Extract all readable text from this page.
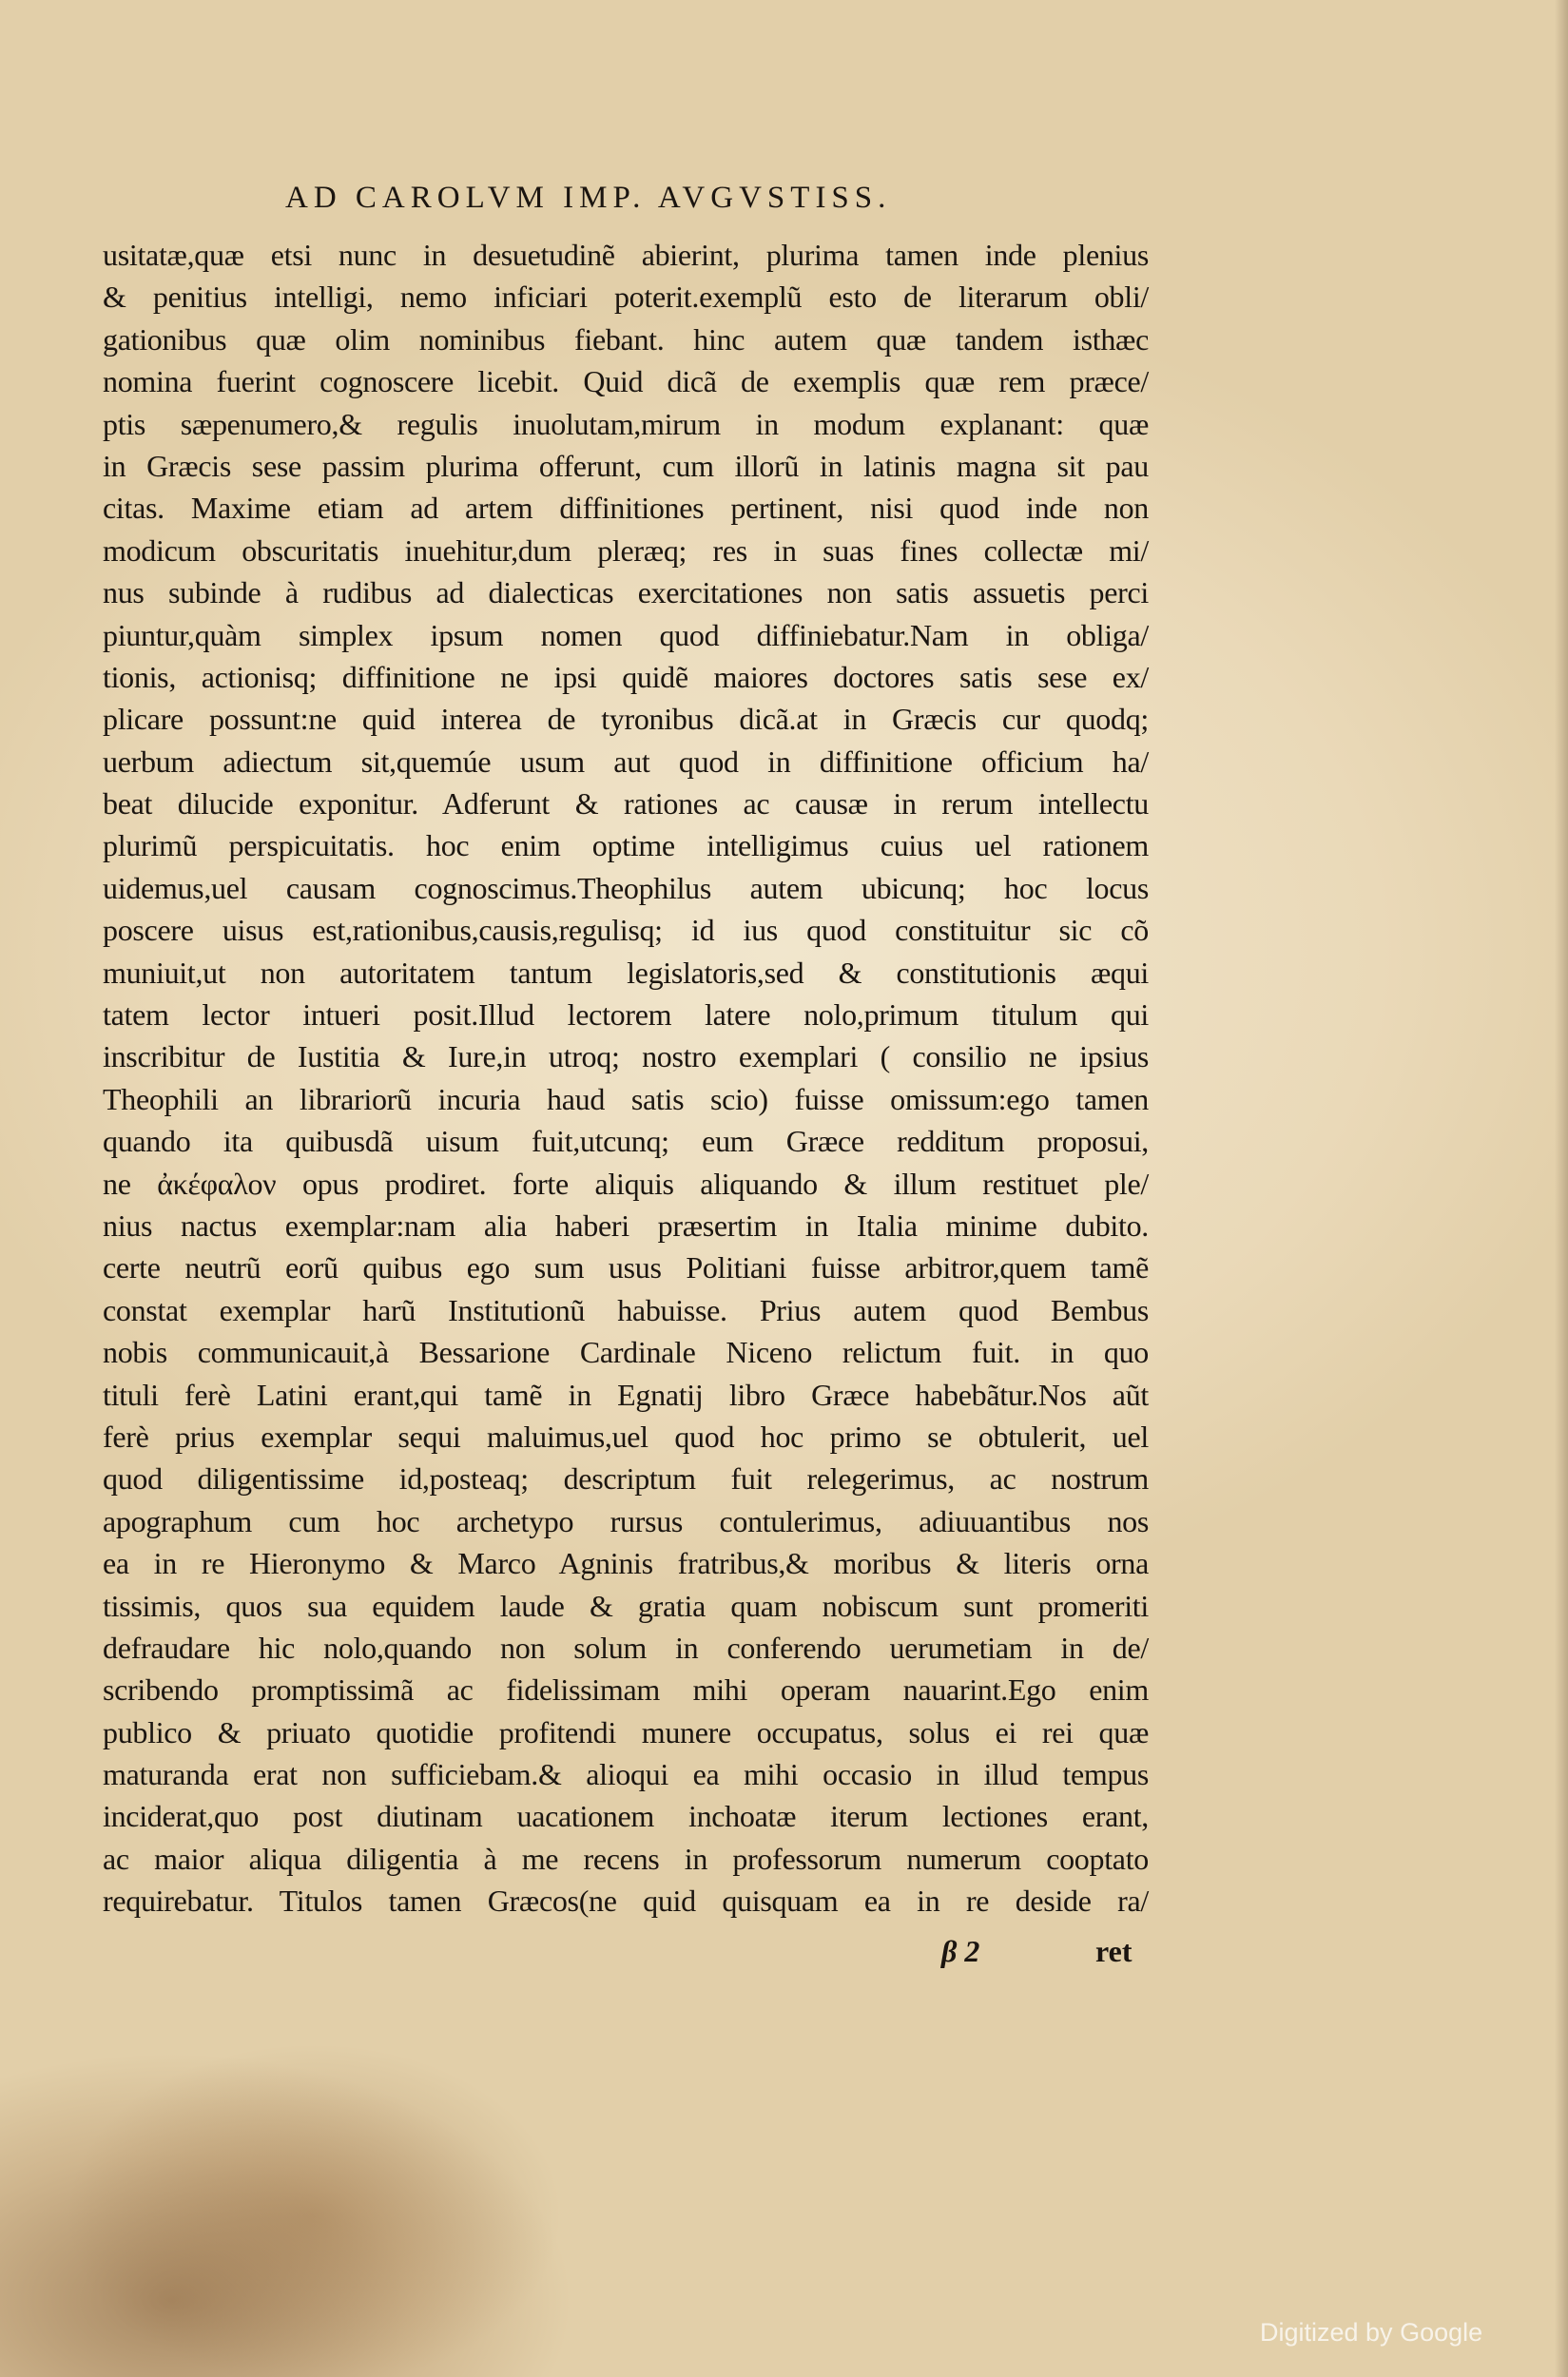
AD CAROLVM IMP. AVGVSTISS.
usitatæ,quæ etsi nunc in desuetudinẽ abierint, plurima tamen inde plenius
& penitius intelligi, nemo inficiari poterit.exemplũ esto de literarum obli/
gationibus quæ olim nominibus fiebant. hinc autem quæ tandem isthæc
nomina fuerint cognoscere licebit. Quid dicã de exemplis quæ rem præce/
ptis sæpenumero,& regulis inuolutam,mirum in modum explanant: quæ
in Græcis sese passim plurima offerunt, cum illorũ in latinis magna sit pau
citas. Maxime etiam ad artem diffinitiones pertinent, nisi quod inde non
modicum obscuritatis inuehitur,dum pleræq; res in suas fines collectæ mi/
nus subinde à rudibus ad dialecticas exercitationes non satis assuetis perci
piuntur,quàm simplex ipsum nomen quod diffiniebatur.Nam in obliga/
tionis, actionisq; diffinitione ne ipsi quidẽ maiores doctores satis sese ex/
plicare possunt:ne quid interea de tyronibus dicã.at in Græcis cur quodq;
uerbum adiectum sit,quemúe usum aut quod in diffinitione officium ha/
beat dilucide exponitur. Adferunt & rationes ac causæ in rerum intellectu
plurimũ perspicuitatis. hoc enim optime intelligimus cuius uel rationem
uidemus,uel causam cognoscimus.Theophilus autem ubicunq; hoc locus
poscere uisus est,rationibus,causis,regulisq; id ius quod constituitur sic cõ
muniuit,ut non autoritatem tantum legislatoris,sed & constitutionis æqui
tatem lector intueri posit.Illud lectorem latere nolo,primum titulum qui
inscribitur de Iustitia & Iure,in utroq; nostro exemplari ( consilio ne ipsius
Theophili an librariorũ incuria haud satis scio) fuisse omissum:ego tamen
quando ita quibusdã uisum fuit,utcunq; eum Græce redditum proposui,
ne ἀκέφαλον opus prodiret. forte aliquis aliquando & illum restituet ple/
nius nactus exemplar:nam alia haberi præsertim in Italia minime dubito.
certe neutrũ eorũ quibus ego sum usus Politiani fuisse arbitror,quem tamẽ
constat exemplar harũ Institutionũ habuisse. Prius autem quod Bembus
nobis communicauit,à Bessarione Cardinale Niceno relictum fuit. in quo
tituli ferè Latini erant,qui tamẽ in Egnatij libro Græce habebãtur.Nos aũt
ferè prius exemplar sequi maluimus,uel quod hoc primo se obtulerit, uel
quod diligentissime id,posteaq; descriptum fuit relegerimus, ac nostrum
apographum cum hoc archetypo rursus contulerimus, adiuuantibus nos
ea in re Hieronymo & Marco Agninis fratribus,& moribus & literis orna
tissimis, quos sua equidem laude & gratia quam nobiscum sunt promeriti
defraudare hic nolo,quando non solum in conferendo uerumetiam in de/
scribendo promptissimã ac fidelissimam mihi operam nauarint.Ego enim
publico & priuato quotidie profitendi munere occupatus, solus ei rei quæ
maturanda erat non sufficiebam.& alioqui ea mihi occasio in illud tempus
inciderat,quo post diutinam uacationem inchoatæ iterum lectiones erant,
ac maior aliqua diligentia à me recens in professorum numerum cooptato
requirebatur. Titulos tamen Græcos(ne quid quisquam ea in re deside ra/
β 2	ret
Digitized by Google
